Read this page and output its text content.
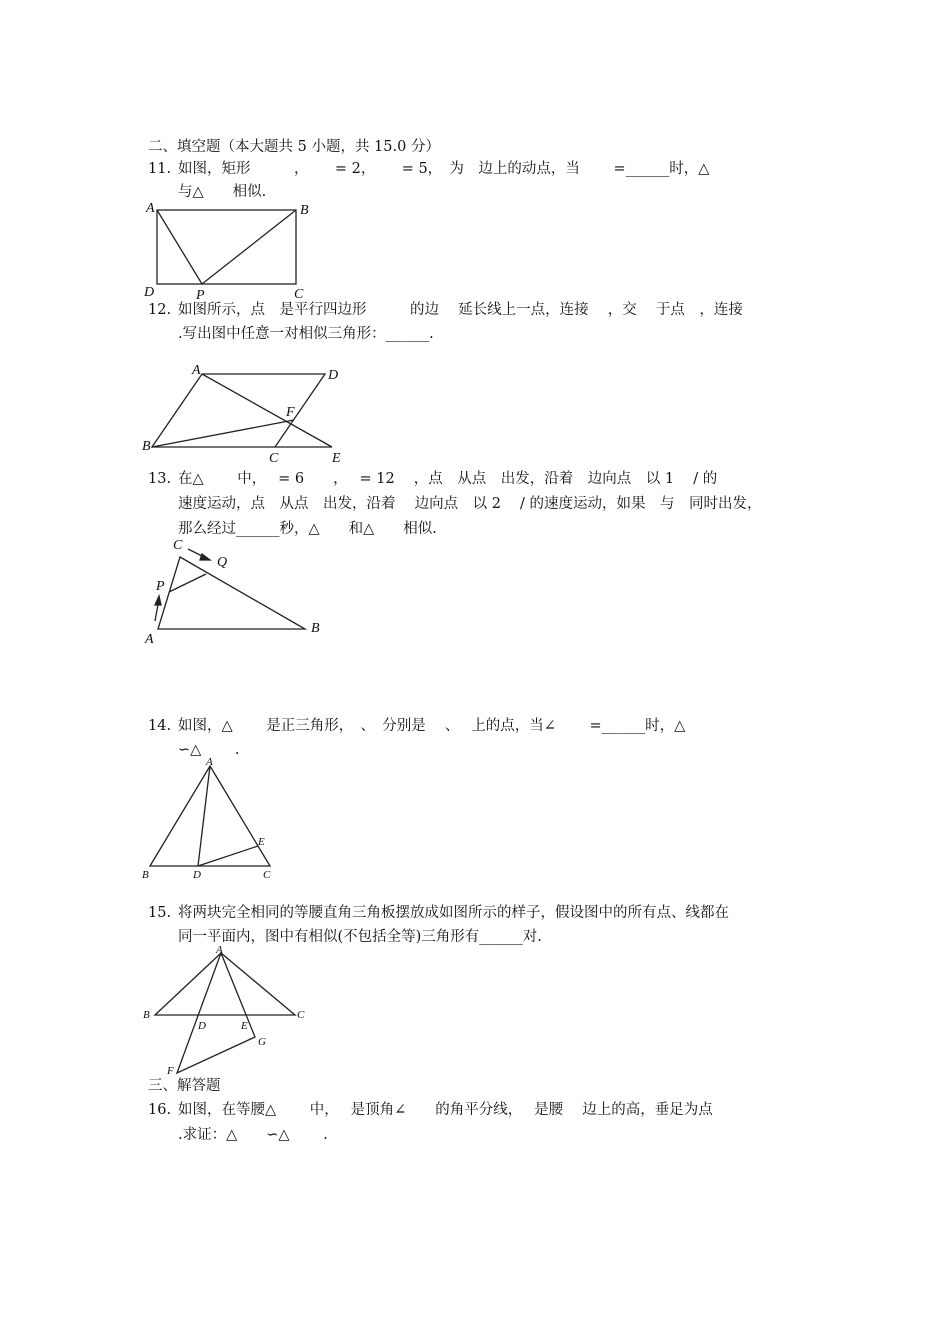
二、填空题（本大题共 5 小题，共 15.0 分）
11. 如图，矩形　　　，　　 = 2，　　 = 5，　为　边上的动点，当　　 =______时，△
与△　　相似.
A	B
C
D	P
12. 如图所示，点　是平行四边形　　　的边　 延长线上一点，连接　 ，交　 于点　，连接
.写出图中任意一对相似三角形：______.
A	D
F
B
C	E
13. 在△　　 中，　 = 6　　，　 = 12　 ，点　从点　出发，沿着　边向点　以 1　 / 的
速度运动，点　从点　出发，沿着　 边向点　以 2　 / 的速度运动，如果　与　同时出发，
那么经过______秒，△　　和△　　相似.
C
Q
P
A
B
14. 如图，△　　 是正三角形，　、　分别是　 、　 上的点，当∠　　 =______时，△
∽△　　 .
A
E
B	D	C
15. 将两块完全相同的等腰直角三角板摆放成如图所示的样子，假设图中的所有点、线都在
同一平面内，图中有相似(不包括全等)三角形有______对.
A
B	C
D	E
G
F
三、解答题
16. 如图，在等腰△　　 中，　 是顶角∠　　的角平分线，　 是腰　 边上的高，垂足为点
.求证：△　　∽△　　 .
